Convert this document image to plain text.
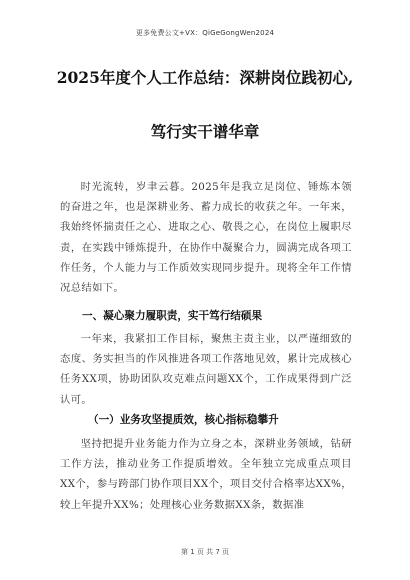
更多免费公文+VX：QiGeGongWen2024
2025年度个人工作总结：深耕岗位践初心,
笃行实干谱华章
时光流转，岁聿云暮。2025年是我立足岗位、锤炼本领的奋进之年，也是深耕业务、蓄力成长的收获之年。一年来，我始终怀揣责任之心、进取之心、敬畏之心，在岗位上履职尽责，在实践中锤炼提升，在协作中凝聚合力，圆满完成各项工作任务，个人能力与工作质效实现同步提升。现将全年工作情况总结如下。
一、凝心聚力履职责，实干笃行结硕果
一年来，我紧扣工作目标，聚焦主责主业，以严谨细致的态度、务实担当的作风推进各项工作落地见效，累计完成核心任务XX项，协助团队攻克难点问题XX个，工作成果得到广泛认可。
（一）业务攻坚提质效，核心指标稳攀升
坚持把提升业务能力作为立身之本，深耕业务领域，钻研工作方法，推动业务工作提质增效。全年独立完成重点项目XX个，参与跨部门协作项目XX个，项目交付合格率达XX%，较上年提升XX%；处理核心业务数据XX条，数据准
第 1 页 共 7 页
